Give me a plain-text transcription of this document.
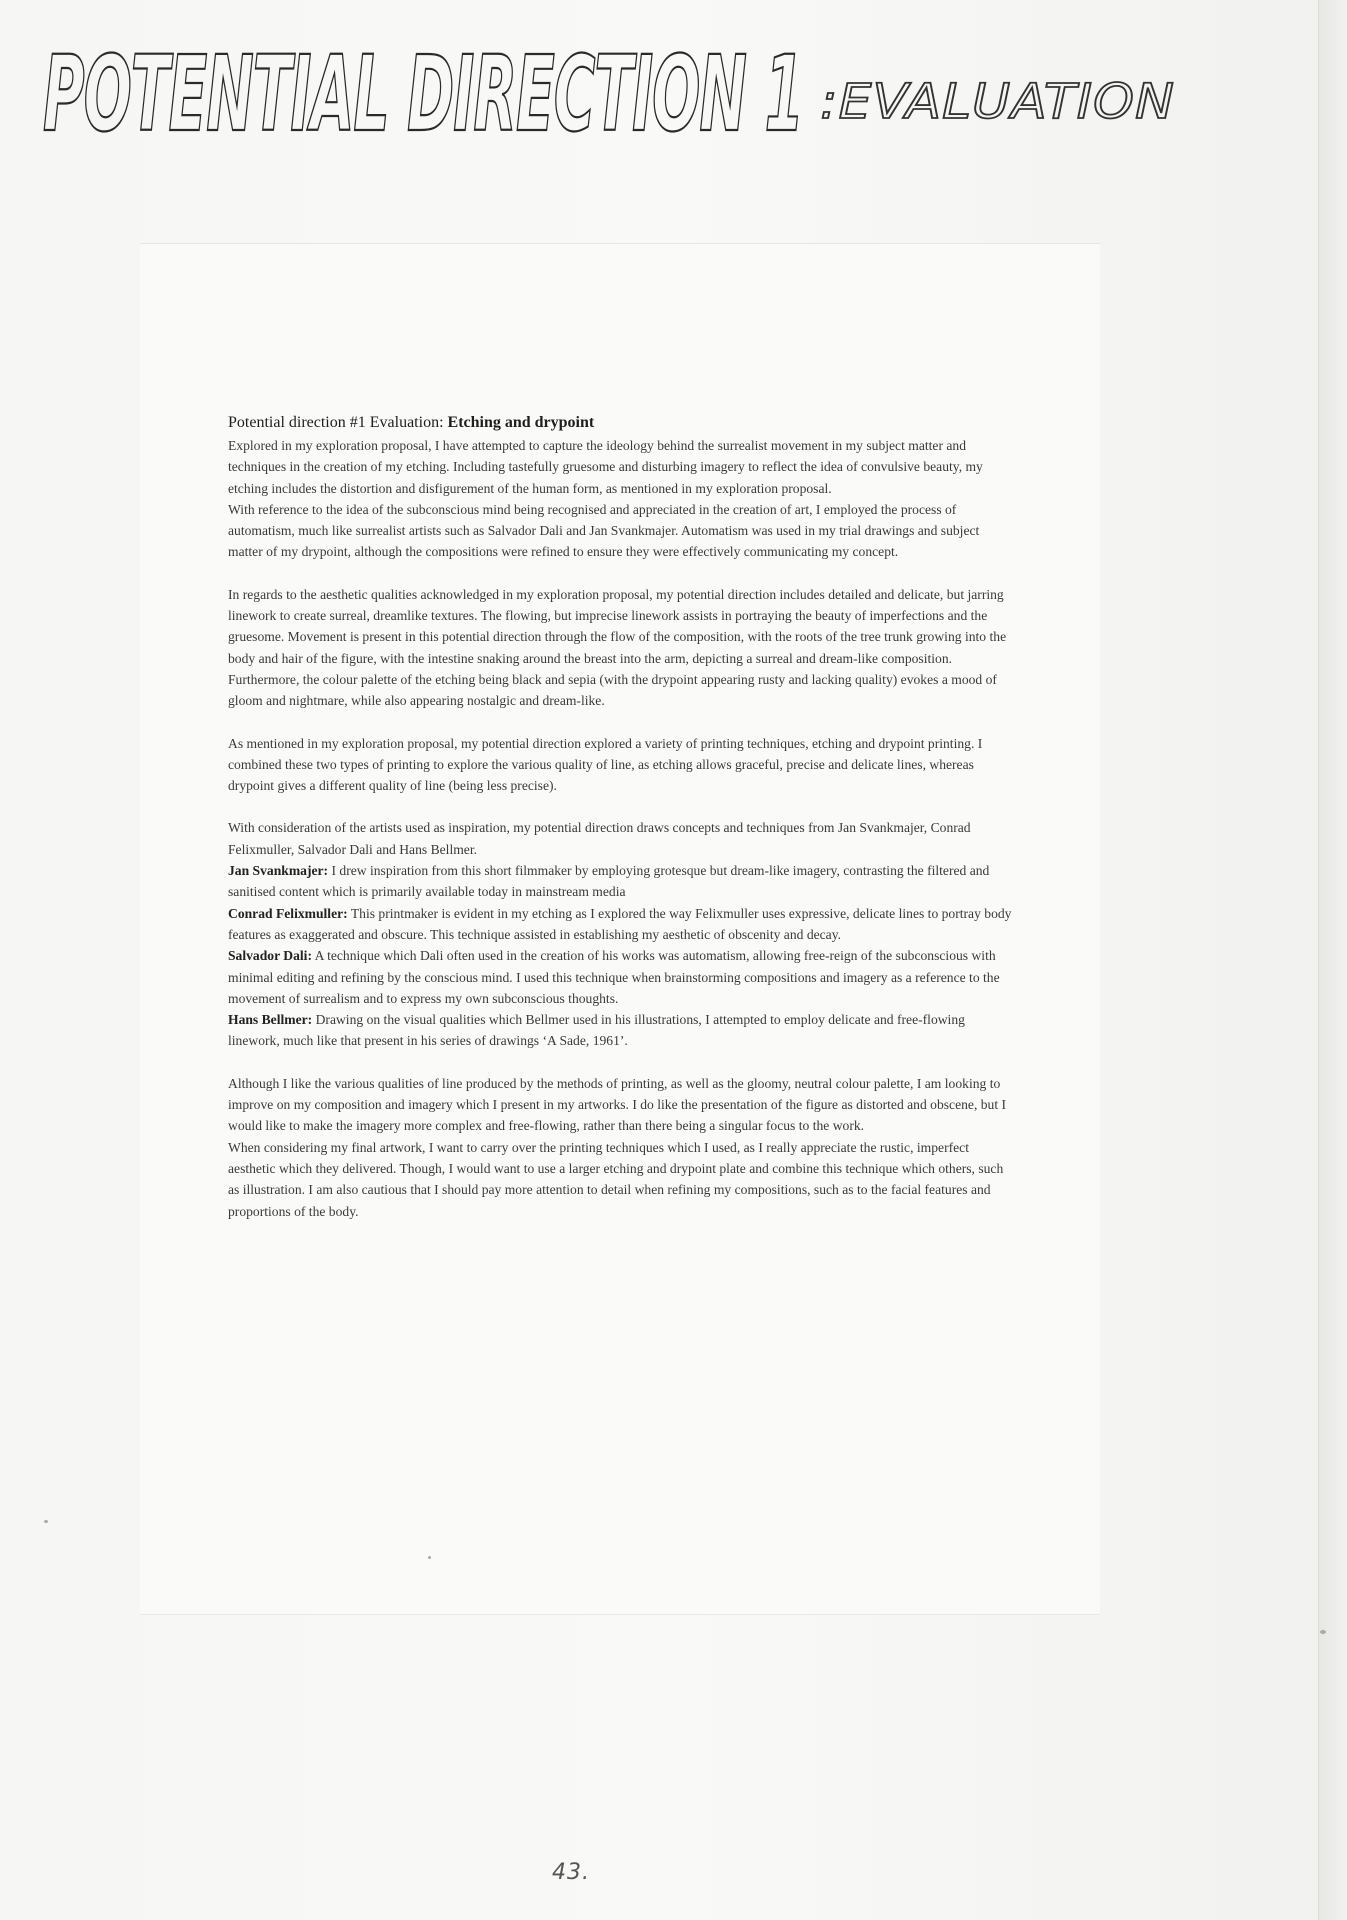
POTENTIAL DIRECTION 1 :EVALUATION
Potential direction #1 Evaluation: Etching and drypoint

Explored in my exploration proposal, I have attempted to capture the ideology behind the surrealist movement in my subject matter and techniques in the creation of my etching. Including tastefully gruesome and disturbing imagery to reflect the idea of convulsive beauty, my etching includes the distortion and disfigurement of the human form, as mentioned in my exploration proposal.

With reference to the idea of the subconscious mind being recognised and appreciated in the creation of art, I employed the process of automatism, much like surrealist artists such as Salvador Dali and Jan Svankmajer. Automatism was used in my trial drawings and subject matter of my drypoint, although the compositions were refined to ensure they were effectively communicating my concept.

In regards to the aesthetic qualities acknowledged in my exploration proposal, my potential direction includes detailed and delicate, but jarring linework to create surreal, dreamlike textures. The flowing, but imprecise linework assists in portraying the beauty of imperfections and the gruesome. Movement is present in this potential direction through the flow of the composition, with the roots of the tree trunk growing into the body and hair of the figure, with the intestine snaking around the breast into the arm, depicting a surreal and dream-like composition. Furthermore, the colour palette of the etching being black and sepia (with the drypoint appearing rusty and lacking quality) evokes a mood of gloom and nightmare, while also appearing nostalgic and dream-like.

As mentioned in my exploration proposal, my potential direction explored a variety of printing techniques, etching and drypoint printing. I combined these two types of printing to explore the various quality of line, as etching allows graceful, precise and delicate lines, whereas drypoint gives a different quality of line (being less precise).

With consideration of the artists used as inspiration, my potential direction draws concepts and techniques from Jan Svankmajer, Conrad Felixmuller, Salvador Dali and Hans Bellmer.

Jan Svankmajer: I drew inspiration from this short filmmaker by employing grotesque but dream-like imagery, contrasting the filtered and sanitised content which is primarily available today in mainstream media

Conrad Felixmuller: This printmaker is evident in my etching as I explored the way Felixmuller uses expressive, delicate lines to portray body features as exaggerated and obscure. This technique assisted in establishing my aesthetic of obscenity and decay.

Salvador Dali: A technique which Dali often used in the creation of his works was automatism, allowing free-reign of the subconscious with minimal editing and refining by the conscious mind. I used this technique when brainstorming compositions and imagery as a reference to the movement of surrealism and to express my own subconscious thoughts.

Hans Bellmer: Drawing on the visual qualities which Bellmer used in his illustrations, I attempted to employ delicate and free-flowing linework, much like that present in his series of drawings ‘A Sade, 1961’.

Although I like the various qualities of line produced by the methods of printing, as well as the gloomy, neutral colour palette, I am looking to improve on my composition and imagery which I present in my artworks. I do like the presentation of the figure as distorted and obscene, but I would like to make the imagery more complex and free-flowing, rather than there being a singular focus to the work.

When considering my final artwork, I want to carry over the printing techniques which I used, as I really appreciate the rustic, imperfect aesthetic which they delivered. Though, I would want to use a larger etching and drypoint plate and combine this technique which others, such as illustration. I am also cautious that I should pay more attention to detail when refining my compositions, such as to the facial features and proportions of the body.

43.
